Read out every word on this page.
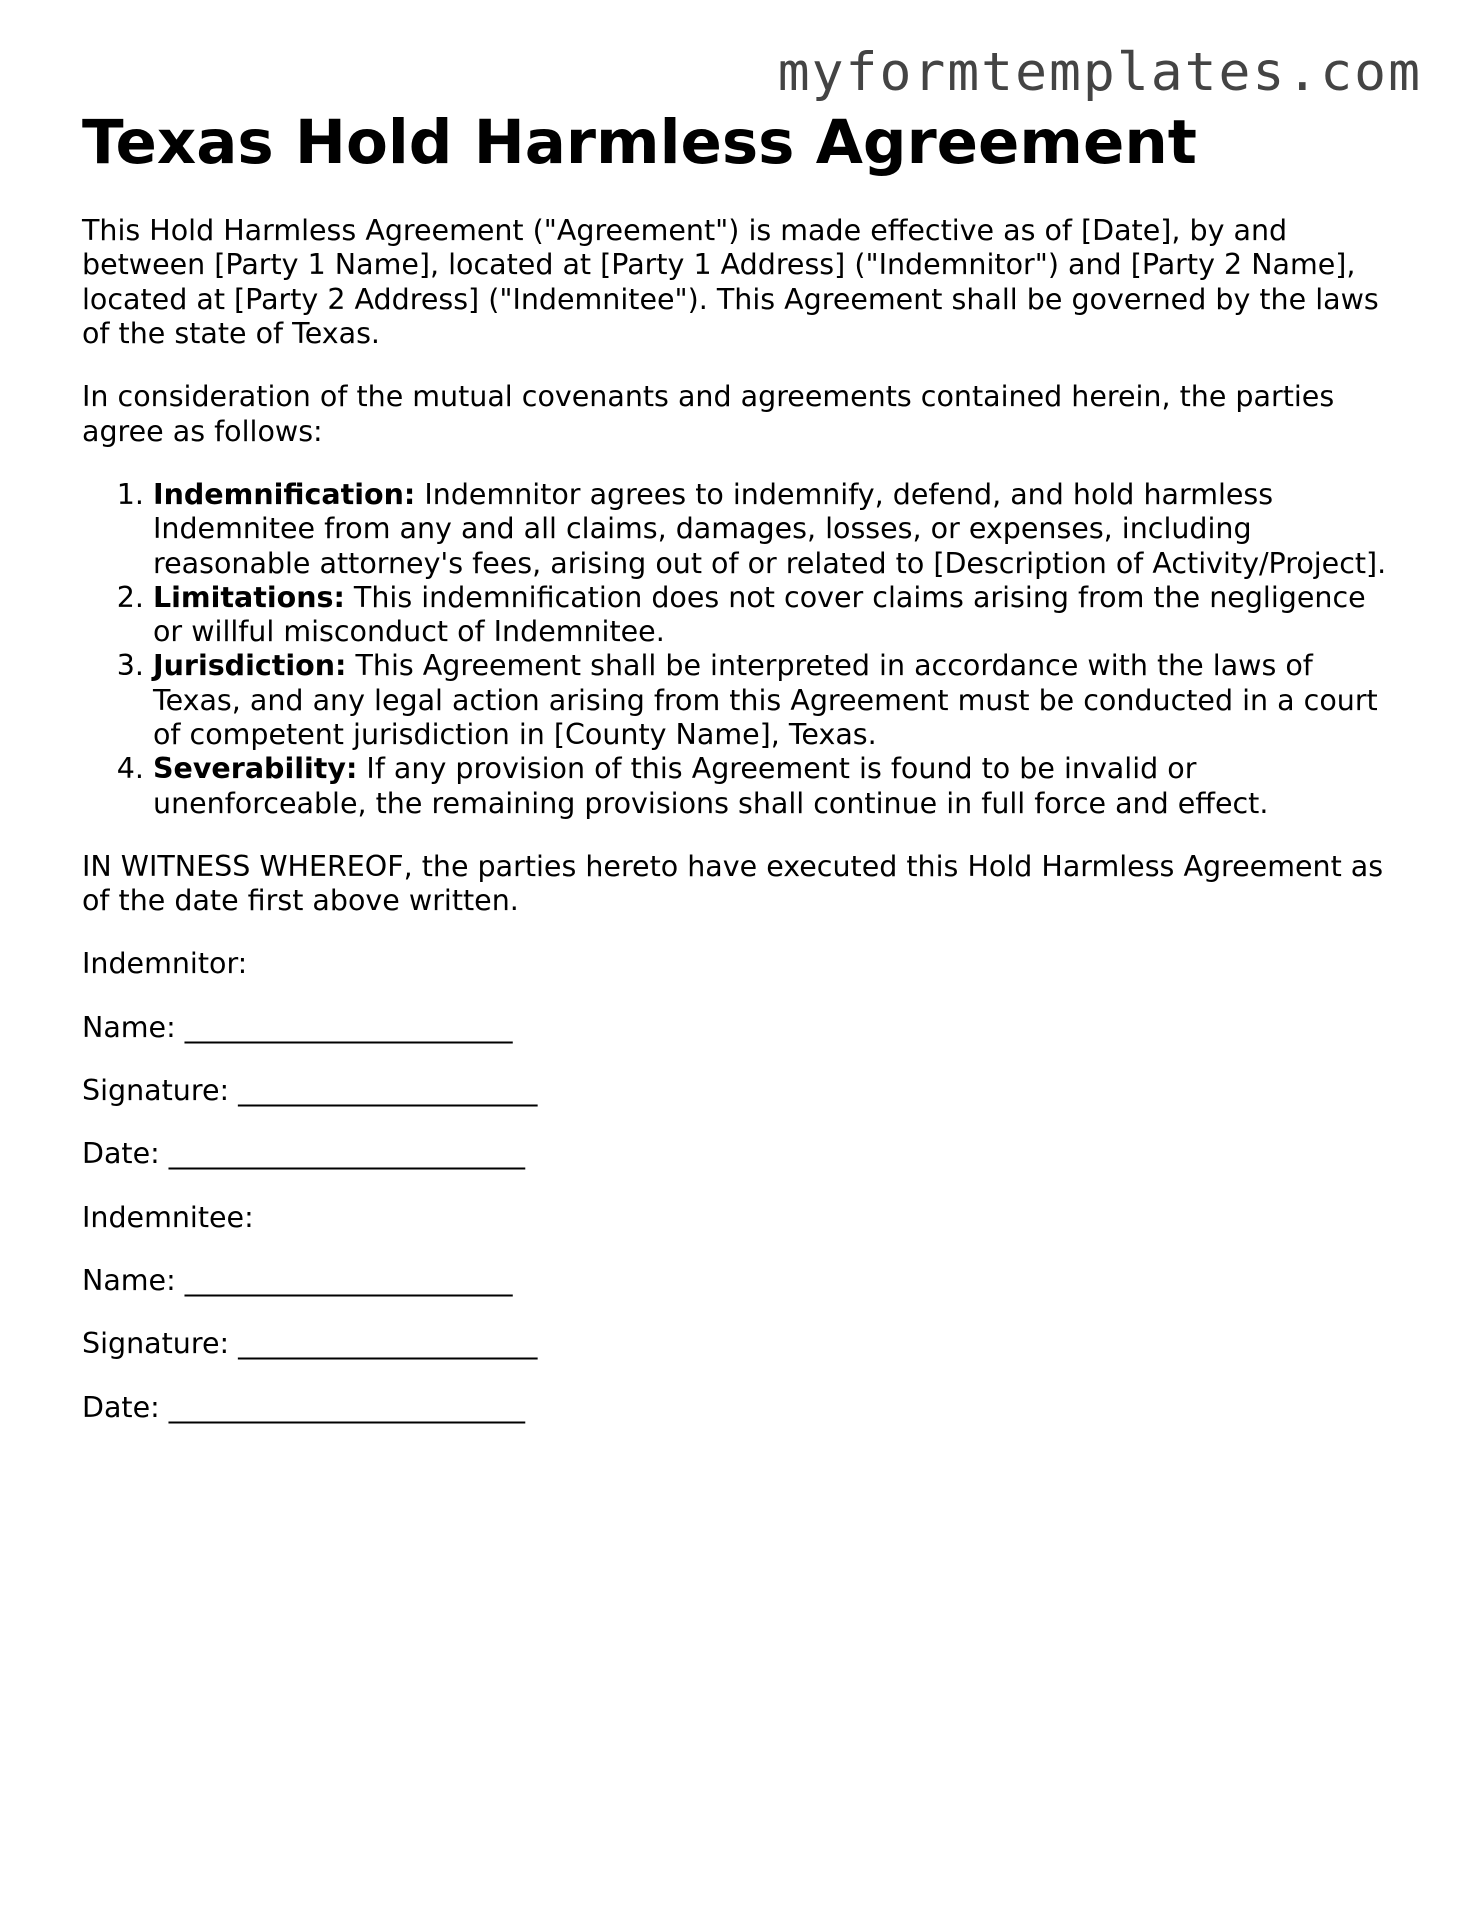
myformtemplates.com
Texas Hold Harmless Agreement

This Hold Harmless Agreement ("Agreement") is made effective as of [Date], by and between [Party 1 Name], located at [Party 1 Address] ("Indemnitor") and [Party 2 Name], located at [Party 2 Address] ("Indemnitee"). This Agreement shall be governed by the laws of the state of Texas.

In consideration of the mutual covenants and agreements contained herein, the parties agree as follows:

1. Indemnification: Indemnitor agrees to indemnify, defend, and hold harmless Indemnitee from any and all claims, damages, losses, or expenses, including reasonable attorney's fees, arising out of or related to [Description of Activity/Project].
2. Limitations: This indemnification does not cover claims arising from the negligence or willful misconduct of Indemnitee.
3. Jurisdiction: This Agreement shall be interpreted in accordance with the laws of Texas, and any legal action arising from this Agreement must be conducted in a court of competent jurisdiction in [County Name], Texas.
4. Severability: If any provision of this Agreement is found to be invalid or unenforceable, the remaining provisions shall continue in full force and effect.

IN WITNESS WHEREOF, the parties hereto have executed this Hold Harmless Agreement as of the date first above written.

Indemnitor:

Name: _______________________

Signature: _____________________

Date: _________________________

Indemnitee:

Name: _______________________

Signature: _____________________

Date: _________________________
